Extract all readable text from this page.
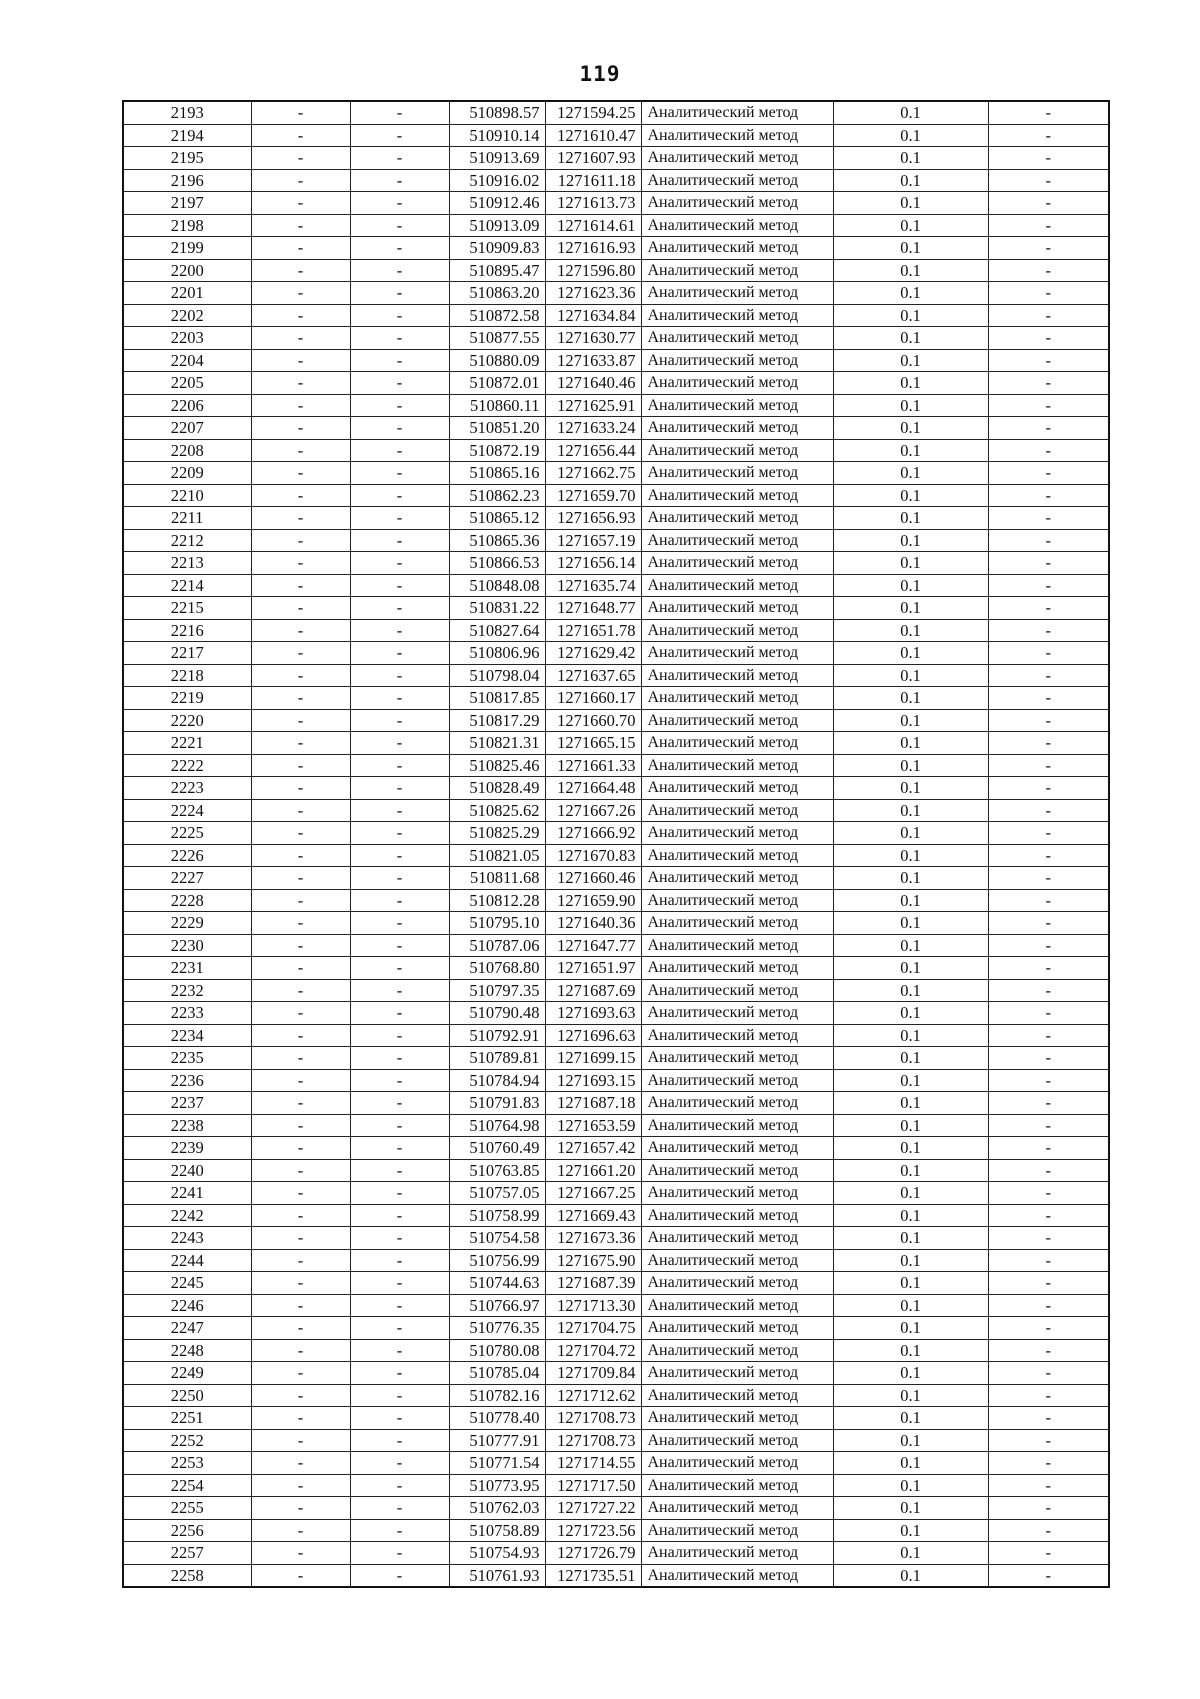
119
2193	-	-	510898.57	1271594.25	Аналитический метод	0.1	-
2194	-	-	510910.14	1271610.47	Аналитический метод	0.1	-
2195	-	-	510913.69	1271607.93	Аналитический метод	0.1	-
2196	-	-	510916.02	1271611.18	Аналитический метод	0.1	-
2197	-	-	510912.46	1271613.73	Аналитический метод	0.1	-
2198	-	-	510913.09	1271614.61	Аналитический метод	0.1	-
2199	-	-	510909.83	1271616.93	Аналитический метод	0.1	-
2200	-	-	510895.47	1271596.80	Аналитический метод	0.1	-
2201	-	-	510863.20	1271623.36	Аналитический метод	0.1	-
2202	-	-	510872.58	1271634.84	Аналитический метод	0.1	-
2203	-	-	510877.55	1271630.77	Аналитический метод	0.1	-
2204	-	-	510880.09	1271633.87	Аналитический метод	0.1	-
2205	-	-	510872.01	1271640.46	Аналитический метод	0.1	-
2206	-	-	510860.11	1271625.91	Аналитический метод	0.1	-
2207	-	-	510851.20	1271633.24	Аналитический метод	0.1	-
2208	-	-	510872.19	1271656.44	Аналитический метод	0.1	-
2209	-	-	510865.16	1271662.75	Аналитический метод	0.1	-
2210	-	-	510862.23	1271659.70	Аналитический метод	0.1	-
2211	-	-	510865.12	1271656.93	Аналитический метод	0.1	-
2212	-	-	510865.36	1271657.19	Аналитический метод	0.1	-
2213	-	-	510866.53	1271656.14	Аналитический метод	0.1	-
2214	-	-	510848.08	1271635.74	Аналитический метод	0.1	-
2215	-	-	510831.22	1271648.77	Аналитический метод	0.1	-
2216	-	-	510827.64	1271651.78	Аналитический метод	0.1	-
2217	-	-	510806.96	1271629.42	Аналитический метод	0.1	-
2218	-	-	510798.04	1271637.65	Аналитический метод	0.1	-
2219	-	-	510817.85	1271660.17	Аналитический метод	0.1	-
2220	-	-	510817.29	1271660.70	Аналитический метод	0.1	-
2221	-	-	510821.31	1271665.15	Аналитический метод	0.1	-
2222	-	-	510825.46	1271661.33	Аналитический метод	0.1	-
2223	-	-	510828.49	1271664.48	Аналитический метод	0.1	-
2224	-	-	510825.62	1271667.26	Аналитический метод	0.1	-
2225	-	-	510825.29	1271666.92	Аналитический метод	0.1	-
2226	-	-	510821.05	1271670.83	Аналитический метод	0.1	-
2227	-	-	510811.68	1271660.46	Аналитический метод	0.1	-
2228	-	-	510812.28	1271659.90	Аналитический метод	0.1	-
2229	-	-	510795.10	1271640.36	Аналитический метод	0.1	-
2230	-	-	510787.06	1271647.77	Аналитический метод	0.1	-
2231	-	-	510768.80	1271651.97	Аналитический метод	0.1	-
2232	-	-	510797.35	1271687.69	Аналитический метод	0.1	-
2233	-	-	510790.48	1271693.63	Аналитический метод	0.1	-
2234	-	-	510792.91	1271696.63	Аналитический метод	0.1	-
2235	-	-	510789.81	1271699.15	Аналитический метод	0.1	-
2236	-	-	510784.94	1271693.15	Аналитический метод	0.1	-
2237	-	-	510791.83	1271687.18	Аналитический метод	0.1	-
2238	-	-	510764.98	1271653.59	Аналитический метод	0.1	-
2239	-	-	510760.49	1271657.42	Аналитический метод	0.1	-
2240	-	-	510763.85	1271661.20	Аналитический метод	0.1	-
2241	-	-	510757.05	1271667.25	Аналитический метод	0.1	-
2242	-	-	510758.99	1271669.43	Аналитический метод	0.1	-
2243	-	-	510754.58	1271673.36	Аналитический метод	0.1	-
2244	-	-	510756.99	1271675.90	Аналитический метод	0.1	-
2245	-	-	510744.63	1271687.39	Аналитический метод	0.1	-
2246	-	-	510766.97	1271713.30	Аналитический метод	0.1	-
2247	-	-	510776.35	1271704.75	Аналитический метод	0.1	-
2248	-	-	510780.08	1271704.72	Аналитический метод	0.1	-
2249	-	-	510785.04	1271709.84	Аналитический метод	0.1	-
2250	-	-	510782.16	1271712.62	Аналитический метод	0.1	-
2251	-	-	510778.40	1271708.73	Аналитический метод	0.1	-
2252	-	-	510777.91	1271708.73	Аналитический метод	0.1	-
2253	-	-	510771.54	1271714.55	Аналитический метод	0.1	-
2254	-	-	510773.95	1271717.50	Аналитический метод	0.1	-
2255	-	-	510762.03	1271727.22	Аналитический метод	0.1	-
2256	-	-	510758.89	1271723.56	Аналитический метод	0.1	-
2257	-	-	510754.93	1271726.79	Аналитический метод	0.1	-
2258	-	-	510761.93	1271735.51	Аналитический метод	0.1	-
